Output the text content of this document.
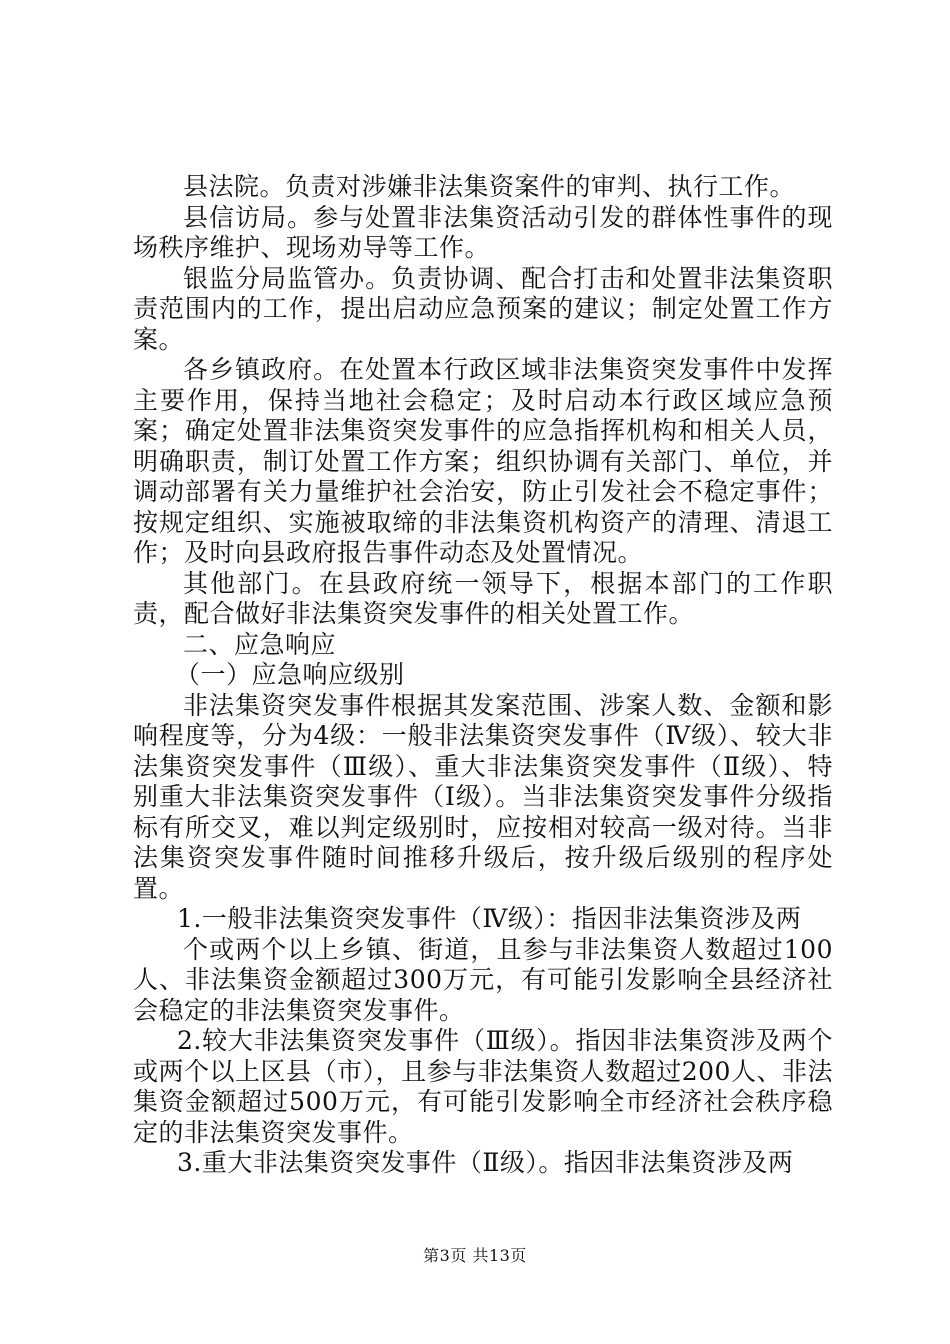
县法院。负责对涉嫌非法集资案件的审判、执行工作。

县信访局。参与处置非法集资活动引发的群体性事件的现场秩序维护、现场劝导等工作。

银监分局监管办。负责协调、配合打击和处置非法集资职责范围内的工作，提出启动应急预案的建议；制定处置工作方案。

各乡镇政府。在处置本行政区域非法集资突发事件中发挥主要作用，保持当地社会稳定；及时启动本行政区域应急预案；确定处置非法集资突发事件的应急指挥机构和相关人员，明确职责，制订处置工作方案；组织协调有关部门、单位，并调动部署有关力量维护社会治安，防止引发社会不稳定事件；按规定组织、实施被取缔的非法集资机构资产的清理、清退工作；及时向县政府报告事件动态及处置情况。

其他部门。在县政府统一领导下，根据本部门的工作职责，配合做好非法集资突发事件的相关处置工作。

二、应急响应

（一）应急响应级别

非法集资突发事件根据其发案范围、涉案人数、金额和影响程度等，分为4级：一般非法集资突发事件（Ⅳ级）、较大非法集资突发事件（Ⅲ级）、重大非法集资突发事件（Ⅱ级）、特别重大非法集资突发事件（Ⅰ级）。当非法集资突发事件分级指标有所交叉，难以判定级别时，应按相对较高一级对待。当非法集资突发事件随时间推移升级后，按升级后级别的程序处置。

1.一般非法集资突发事件（Ⅳ级）：指因非法集资涉及两

个或两个以上乡镇、街道，且参与非法集资人数超过100人、非法集资金额超过300万元，有可能引发影响全县经济社会稳定的非法集资突发事件。

2.较大非法集资突发事件（Ⅲ级）。指因非法集资涉及两个或两个以上区县（市），且参与非法集资人数超过200人、非法集资金额超过500万元，有可能引发影响全市经济社会秩序稳定的非法集资突发事件。

3.重大非法集资突发事件（Ⅱ级）。指因非法集资涉及两

第3页 共13页
